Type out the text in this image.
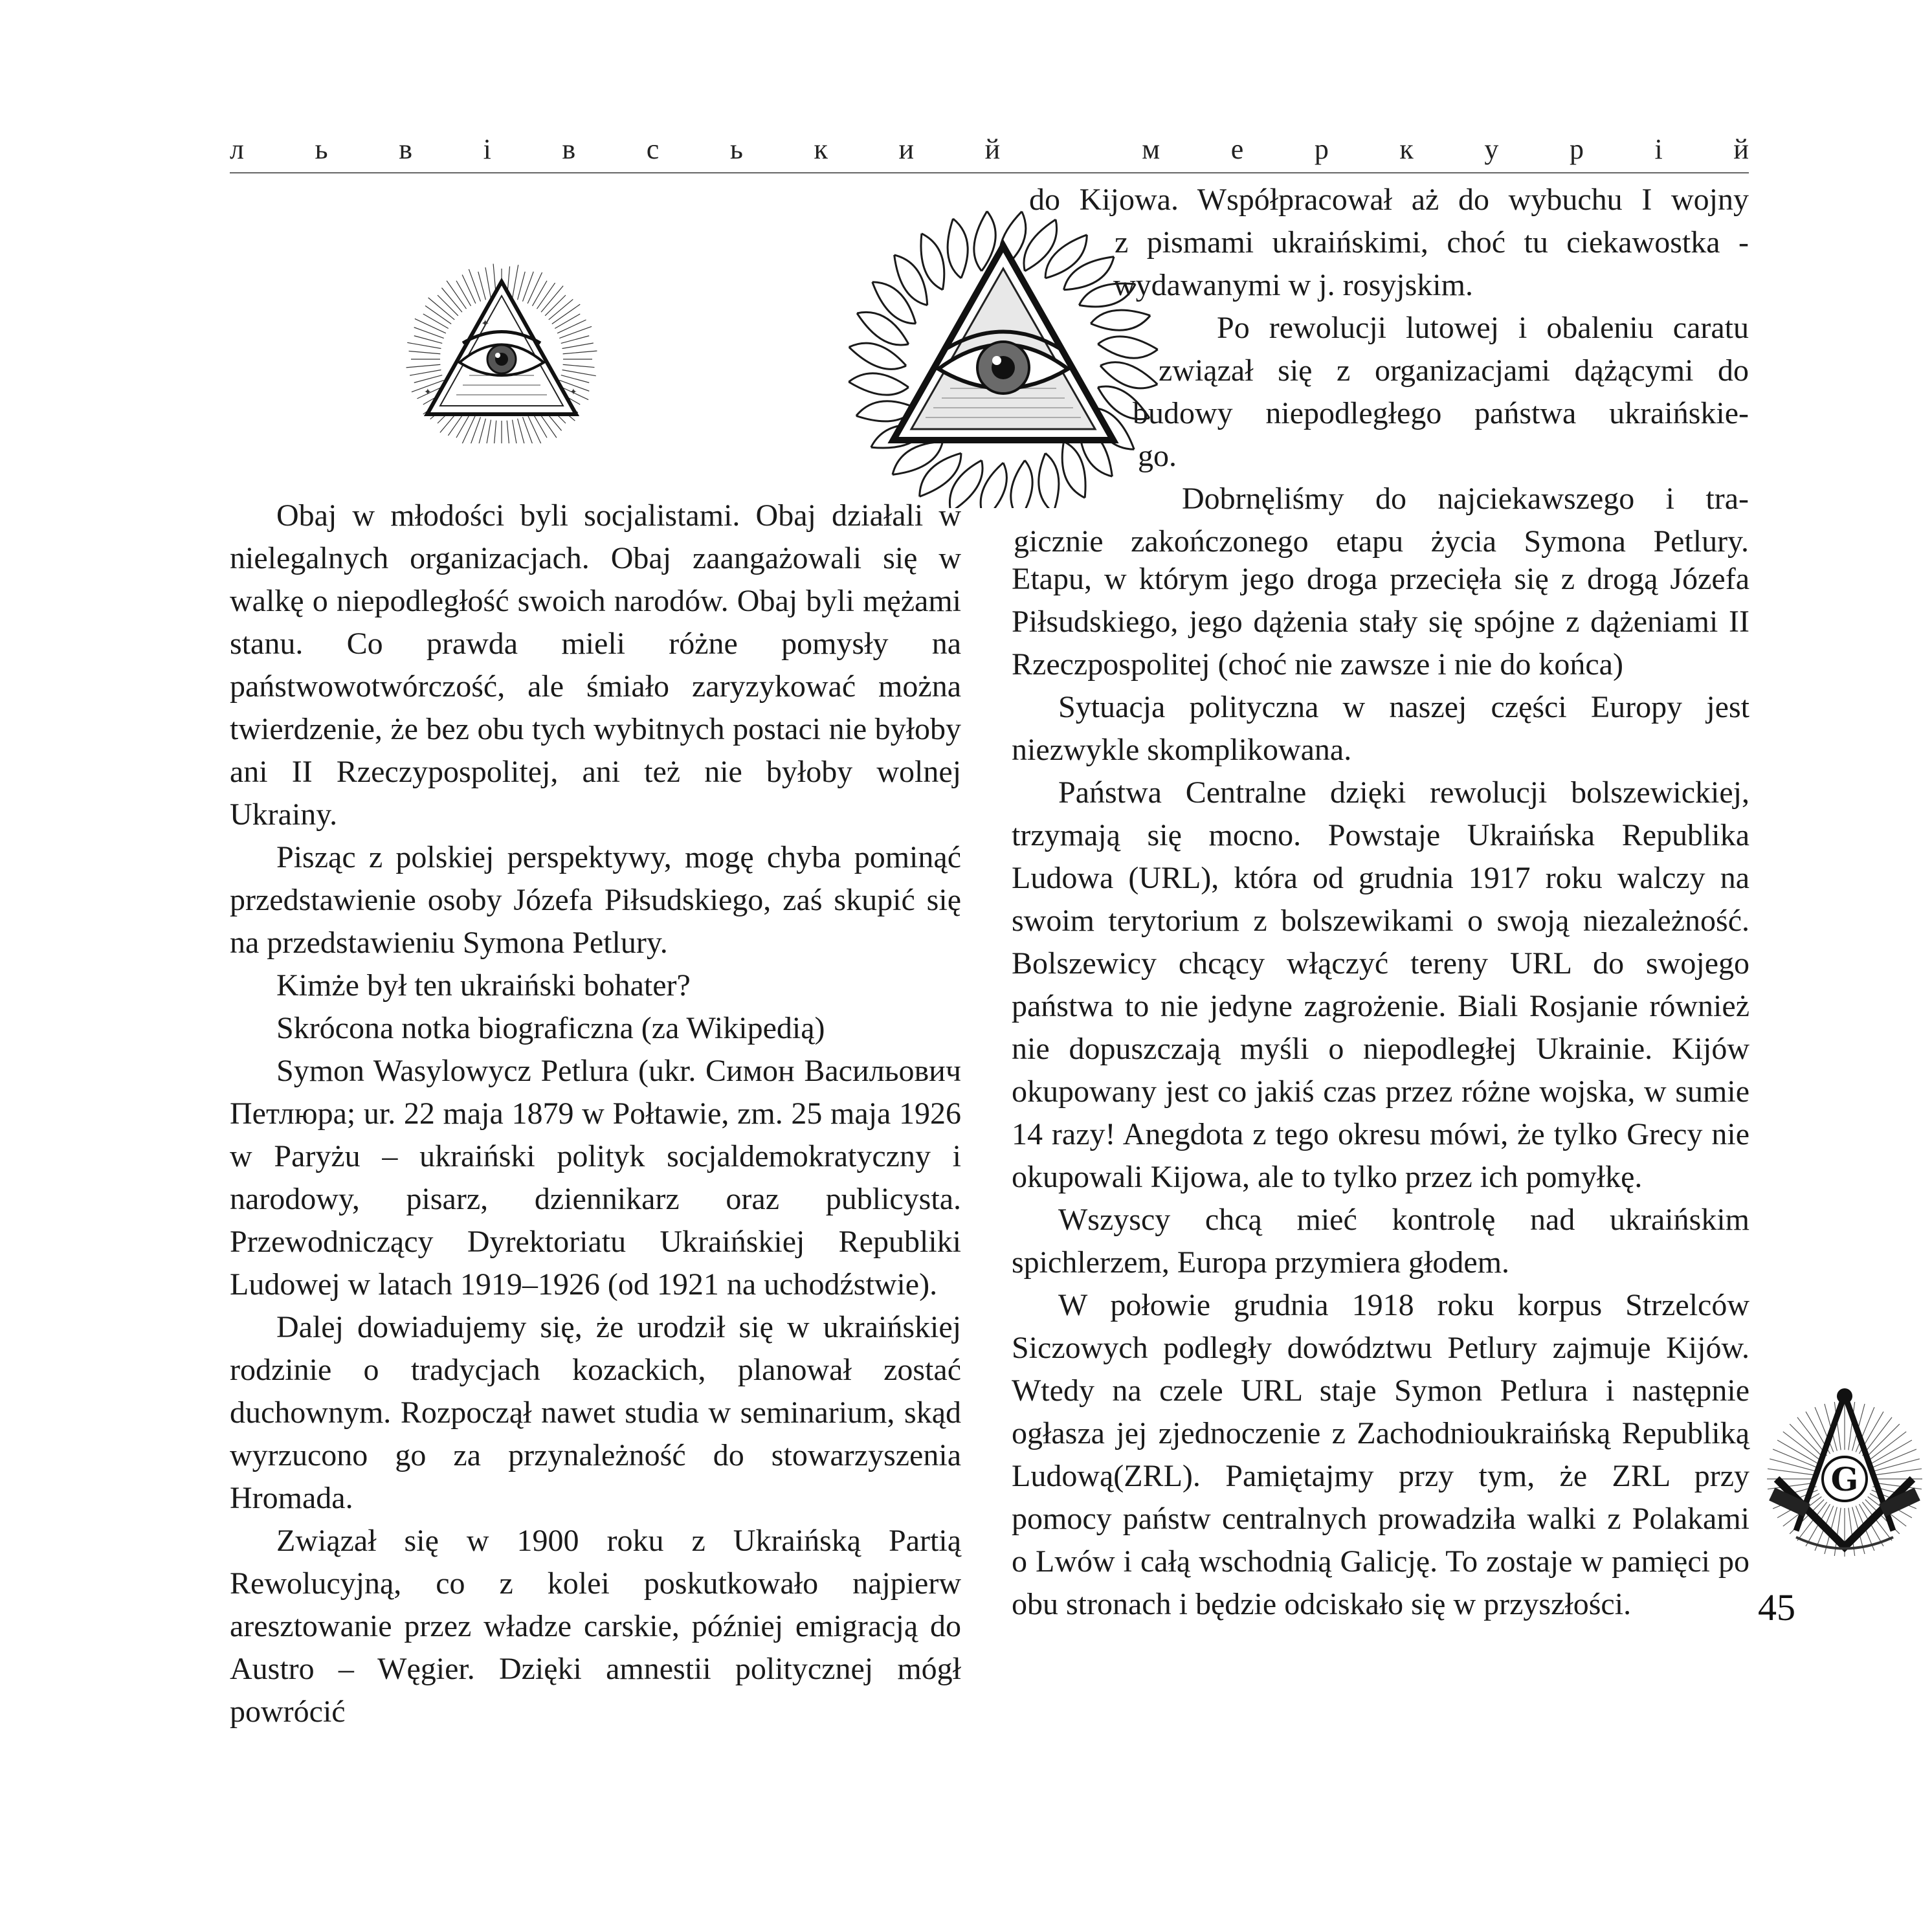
л ь в і в с ь к и й	м е р к у р і й
✦
✦
✦
G
do Kijowa. Współpracował aż do wybuchu I wojny
z pismami ukraińskimi, choć tu ciekawostka -
wydawanymi w j. rosyjskim.
Po rewolucji lutowej i obaleniu caratu
związał się z organizacjami dążącymi do
budowy niepodległego państwa ukraińskie-
go.
Dobrnęliśmy do najciekawszego i tra-
gicznie zakończonego etapu życia Symona Petlury.

Obaj w młodości byli socjalistami. Obaj działali w nielegalnych organizacjach. Obaj zaangażowali się w walkę o niepodległość swoich narodów. Obaj byli mężami stanu. Co prawda mieli różne pomysły na państwowotwórczość, ale śmiało zaryzykować można twierdzenie, że bez obu tych wybitnych postaci nie byłoby ani II Rzeczypospolitej, ani też nie byłoby wolnej Ukrainy.

Pisząc z polskiej perspektywy, mogę chyba pominąć przedstawienie osoby Józefa Piłsudskiego, zaś skupić się na przedstawieniu Symona Petlury.

Kimże był ten ukraiński bohater?

Skrócona notka biograficzna (za Wikipedią)

Symon Wasylowycz Petlura (ukr. Симон Васильович Петлюра; ur. 22 maja 1879 w Połtawie, zm. 25 maja 1926 w Paryżu – ukraiński polityk socjaldemokratyczny i narodowy, pisarz, dziennikarz oraz publicysta. Przewodniczący Dyrektoriatu Ukraińskiej Republiki Ludowej w latach 1919–1926 (od 1921 na uchodźstwie).

Dalej dowiadujemy się, że urodził się w ukraińskiej rodzinie o tradycjach kozackich, planował zostać duchownym. Rozpoczął nawet studia w seminarium, skąd wyrzucono go za przynależność do stowarzyszenia Hromada.

Związał się w 1900 roku z Ukraińską Partią Rewolucyjną, co z kolei poskutkowało najpierw aresztowanie przez władze carskie, później emigracją do Austro – Węgier. Dzięki amnestii politycznej mógł powrócić

Etapu, w którym jego droga przecięła się z drogą Józefa Piłsudskiego, jego dążenia stały się spójne z dążeniami II Rzeczpospolitej (choć nie zawsze i nie do końca)

Sytuacja polityczna w naszej części Europy jest niezwykle skomplikowana.

Państwa Centralne dzięki rewolucji bolszewickiej, trzymają się mocno. Powstaje Ukraińska Republika Ludowa (URL), która od grudnia 1917 roku walczy na swoim terytorium z bolszewikami o swoją niezależność. Bolszewicy chcący włączyć tereny URL do swojego państwa to nie jedyne zagrożenie. Biali Rosjanie również nie dopuszczają myśli o niepodległej Ukrainie. Kijów okupowany jest co jakiś czas przez różne wojska, w sumie 14 razy! Anegdota z tego okresu mówi, że tylko Grecy nie okupowali Kijowa, ale to tylko przez ich pomyłkę.

Wszyscy chcą mieć kontrolę nad ukraińskim spichlerzem, Europa przymiera głodem.

W połowie grudnia 1918 roku korpus Strzelców Siczowych podległy dowództwu Petlury zajmuje Kijów. Wtedy na czele URL staje Symon Petlura i następnie ogłasza jej zjednoczenie z Zachodnioukraińską Republiką Ludową(ZRL). Pamiętajmy przy tym, że ZRL przy pomocy państw centralnych prowadziła walki z Polakami o Lwów i całą wschodnią Galicję. To zostaje w pamięci po obu stronach i będzie odciskało się w przyszłości.	45
